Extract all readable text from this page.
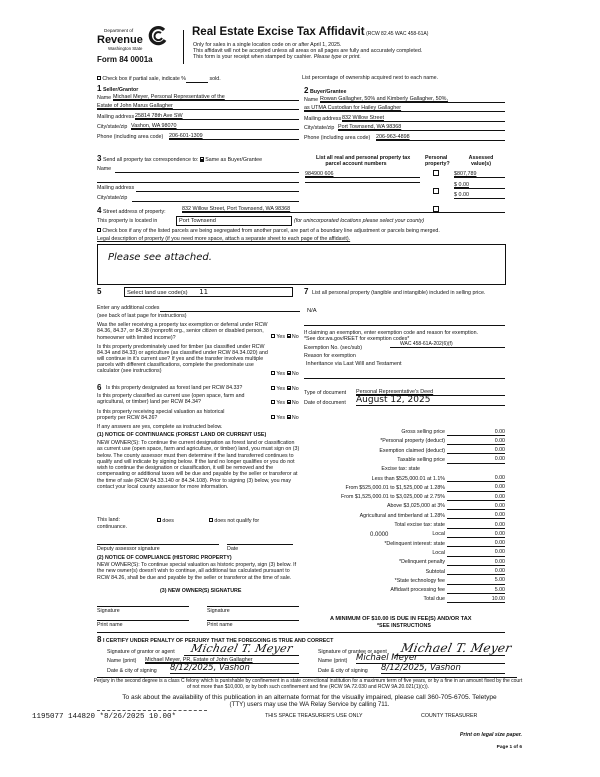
Department of
Revenue
Washington State
Form 84 0001a
Real Estate Excise Tax Affidavit (RCW 82.45 WAC 458-61A)
Only for sales in a single location code on or after April 1, 2025.
This affidavit will not be accepted unless all areas on all pages are fully and accurately completed.
This form is your receipt when stamped by cashier. Please type or print.
Check box if partial sale, indicate %	sold.	List percentage of ownership acquired next to each name.
1 Seller/Grantor
Name Michael Meyer, Personal Representative of the
Estate of John Marus Gallagher
Mailing address 25814 78th Ave SW
City/state/zip Vashon, WA 98070
Phone (including area code) 206-601-1309
2 Buyer/Grantee
Name Rowan Gallagher, 50% and Kimberly Gallagher, 50%,
as UTMA Custodian for Hailey Gallagher
Mailing address 832 Willow Street
City/state/zip Port Townsend, WA 98368
Phone (including area code) 206-963-4898
3 Send all property tax correspondence to: Same as Buyer/Grantee
Name
Mailing address
City/state/zip
List all real and personal property tax
parcel account numbers
Personal
property?
Assessed
value(s)
984900 606	$807,789
$ 0.00
$ 0.00
4 Street address of property:	832 Willow Street, Port Townsend, WA 98368
This property is located in	Port Townsend	(for unincorporated locations please select your county)
Check box if any of the listed parcels are being segregated from another parcel, are part of a boundary line adjustment or parcels being merged.
Legal description of property (if you need more space, attach a separate sheet to each page of the affidavit).
Please see attached.
5	Select land use code(s) 11
Enter any additional codes
(see back of last page for instructions)
Was the seller receiving a property tax exemption or deferral under RCW 84.36, 84.37, or 84.38 (nonprofit org., senior citizen or disabled person, homeowner with limited income)?	Yes No
Is this property predominately used for timber (as classified under RCW 84.34 and 84.33) or agriculture (as classified under RCW 84.34.020) and will continue in it's current use? If yes and the transfer involves multiple parcels with different classifications, complete the predominate use calculator (see instructions)	Yes No
6 Is this property designated as forest land per RCW 84.33?	Yes No
Is this property classified as current use (open space, farm and agricultural, or timber) land per RCW 84.34?	Yes No
Is this property receiving special valuation as historical property per RCW 84.26?	Yes No
If any answers are yes, complete as instructed below.
(1) NOTICE OF CONTINUANCE (FOREST LAND OR CURRENT USE)
NEW OWNER(S): To continue the current designation as forest land or classification as current use (open space, farm and agriculture, or timber) land, you must sign on (3) below. The county assessor must then determine if the land transferred continues to qualify and will indicate by signing below. If the land no longer qualifies or you do not wish to continue the designation or classification, it will be removed and the compensating or additional taxes will be due and payable by the seller or transferor at the time of sale (RCW 84.33.140 or 84.34.108). Prior to signing (3) below, you may contact your local county assessor for more information.
This land:	does	does not qualify for
continuance.
Deputy assessor signature	Date
(2) NOTICE OF COMPLIANCE (HISTORIC PROPERTY)
NEW OWNER(S): To continue special valuation as historic property, sign (3) below. If the new owner(s) doesn't wish to continue, all additional tax calculated pursuant to RCW 84.26, shall be due and payable by the seller or transferor at the time of sale.
(3) NEW OWNER(S) SIGNATURE
Signature	Signature
Print name	Print name
7 List all personal property (tangible and intangible) included in selling price.
N/A
If claiming an exemption, enter exemption code and reason for exemption. *See dor.wa.gov/REET for exemption codes*
Exemption No. (sec/sub)
WAC 458-61A-202(6)(f)
Reason for exemption
Inheritance via Last Will and Testament
Type of document Personal Representative's Deed
Date of document August 12, 2025
Gross selling price	0.00
*Personal property (deduct)	0.00
Exemption claimed (deduct)	0.00
Taxable selling price	0.00
Excise tax: state
Less than $525,000.01 at 1.1%	0.00
From $525,000.01 to $1,525,000 at 1.28%	0.00
From $1,525,000.01 to $3,025,000 at 2.75%	0.00
Above $3,025,000 at 3%	0.00
Agricultural and timberland at 1.28%	0.00
Total excise tax: state	0.00
Local	0.00
0.0000
*Delinquent interest: state	0.00
Local	0.00
*Delinquent penalty	0.00
Subtotal	0.00
*State technology fee	5.00
Affidavit processing fee	5.00
Total due	10.00
A MINIMUM OF $10.00 IS DUE IN FEE(S) AND/OR TAX
*SEE INSTRUCTIONS
8 I CERTIFY UNDER PENALTY OF PERJURY THAT THE FOREGOING IS TRUE AND CORRECT
Signature of grantor or agent Michael T. Meyer
Name (print) Michael Meyer, PR, Estate of John Gallagher
Date & city of signing 8/12/2025, Vashon
Signature of grantee or agent Michael T. Meyer
Name (print) Michael Meyer
Date & city of signing 8/12/2025, Vashon
Perjury in the second degree is a class C felony which is punishable by confinement in a state correctional institution for a maximum term of five years, or by a fine in an amount fixed by the court of not more than $10,000, or by both such confinement and fine (RCW 9A.72.030 and RCW 9A.20.021(1)(c)).
To ask about the availability of this publication in an alternate format for the visually impaired, please call 360-705-6705. Teletype
(TTY) users may use the WA Relay Service by calling 711.
1195077 144820 *8/26/2025 10.00*	THIS SPACE TREASURER'S USE ONLY	COUNTY TREASURER
Print on legal size paper.
Page 1 of 6
